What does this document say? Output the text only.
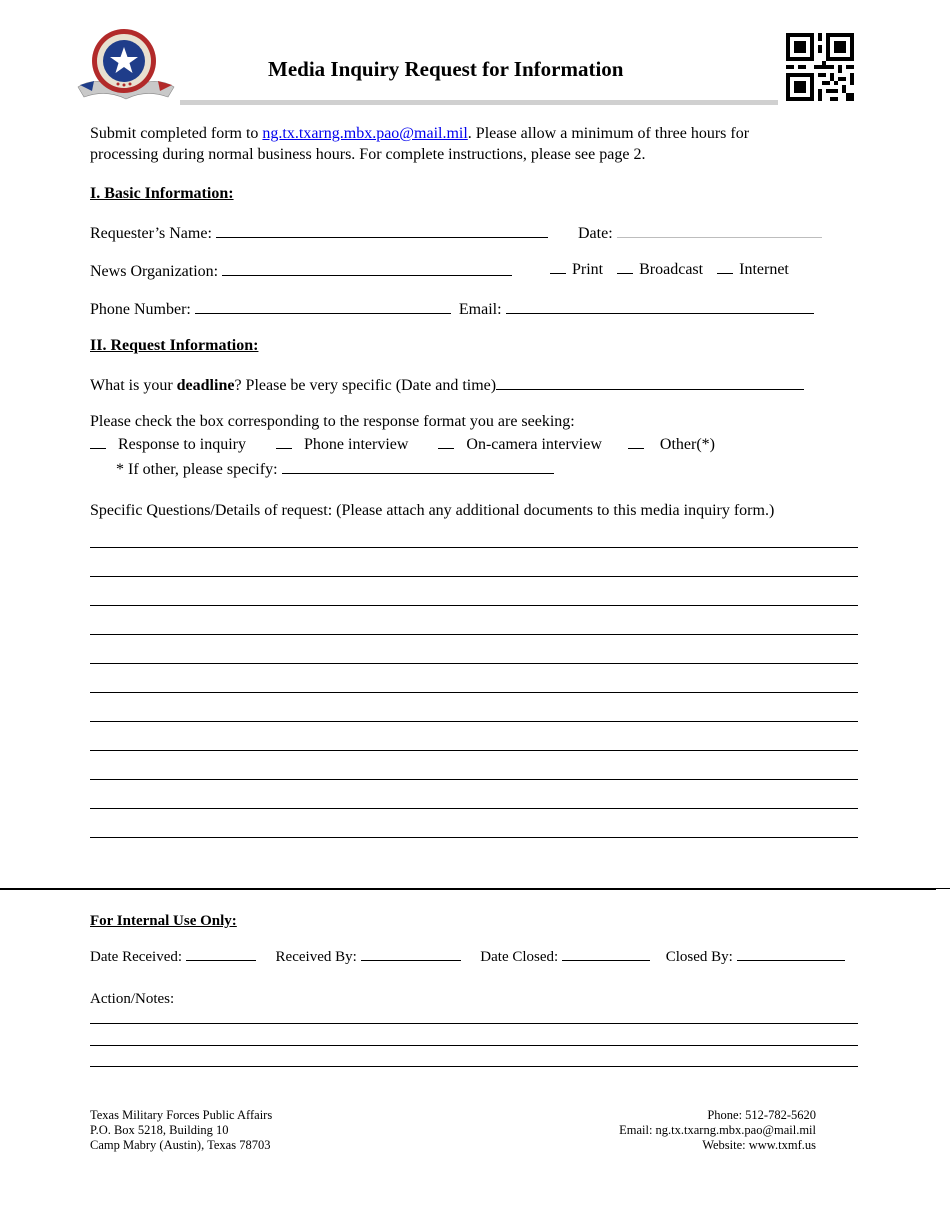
Media Inquiry Request for Information
Submit completed form to ng.tx.txarng.mbx.pao@mail.mil. Please allow a minimum of three hours for
processing during normal business hours. For complete instructions, please see page 2.
I. Basic Information:
Requester’s Name:	Date:
News Organization:	Print Broadcast Internet
Phone Number:	Email:
II. Request Information:
What is your deadline? Please be very specific (Date and time)
Please check the box corresponding to the response format you are seeking:
Response to inquiry	Phone interview	On-camera interview	Other(*)
* If other, please specify:
Specific Questions/Details of request: (Please attach any additional documents to this media inquiry form.)
For Internal Use Only:
Date Received:	Received By:	Date Closed:	Closed By:
Action/Notes:
Texas Military Forces Public Affairs
P.O. Box 5218, Building 10
Camp Mabry (Austin), Texas 78703
Phone: 512-782-5620
Email: ng.tx.txarng.mbx.pao@mail.mil
Website: www.txmf.us
